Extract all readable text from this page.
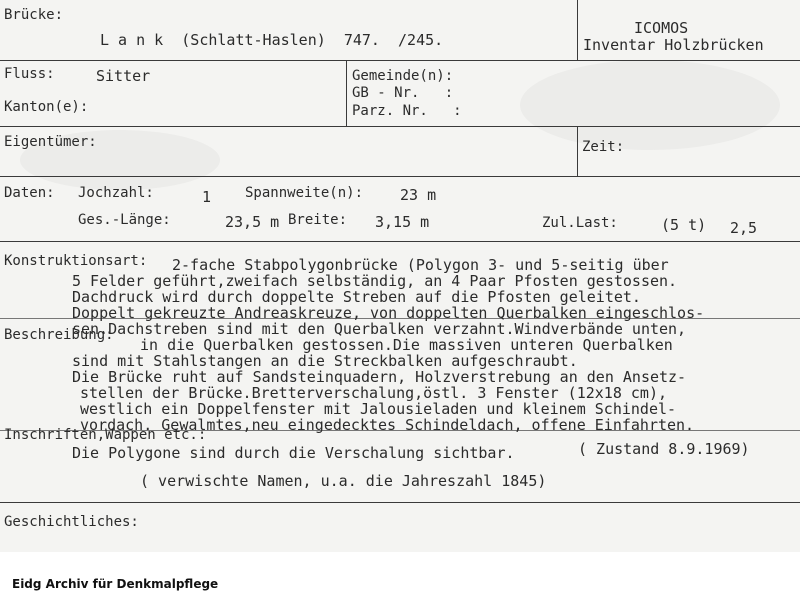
Brücke:
L a n k  (Schlatt-Haslen)  747.  /245.
ICOMOS
Inventar Holzbrücken
Fluss:	Sitter
Kanton(e):
Gemeinde(n):
GB - Nr.   :
Parz. Nr.   :
Eigentümer:	Zeit:
Daten: Jochzahl:	1 Spannweite(n): 23 m
Ges.-Länge:	23,5 m Breite: 3,15 m	Zul.Last:	(5 t) 2,5
Konstruktionsart: 2-fache Stabpolygonbrücke (Polygon 3- und 5-seitig über
5 Felder geführt,zweifach selbständig, an 4 Paar Pfosten gestossen.
Dachdruck wird durch doppelte Streben auf die Pfosten geleitet.
Doppelt gekreuzte Andreaskreuze, von doppelten Querbalken eingeschlos-
sen.Dachstreben sind mit den Querbalken verzahnt.Windverbände unten,
Beschreibung:
in die Querbalken gestossen.Die massiven unteren Querbalken
sind mit Stahlstangen an die Streckbalken aufgeschraubt.
Die Brücke ruht auf Sandsteinquadern, Holzverstrebung an den Ansetz-
stellen der Brücke.Bretterverschalung,östl. 3 Fenster (12x18 cm),
westlich ein Doppelfenster mit Jalousieladen und kleinem Schindel-
vordach. Gewalmtes,neu eingedecktes Schindeldach, offene Einfahrten.
Inschriften,Wappen etc.:
Die Polygone sind durch die Verschalung sichtbar.	( Zustand 8.9.1969)
( verwischte Namen, u.a. die Jahreszahl 1845)
Geschichtliches:
Eidg Archiv für Denkmalpflege
